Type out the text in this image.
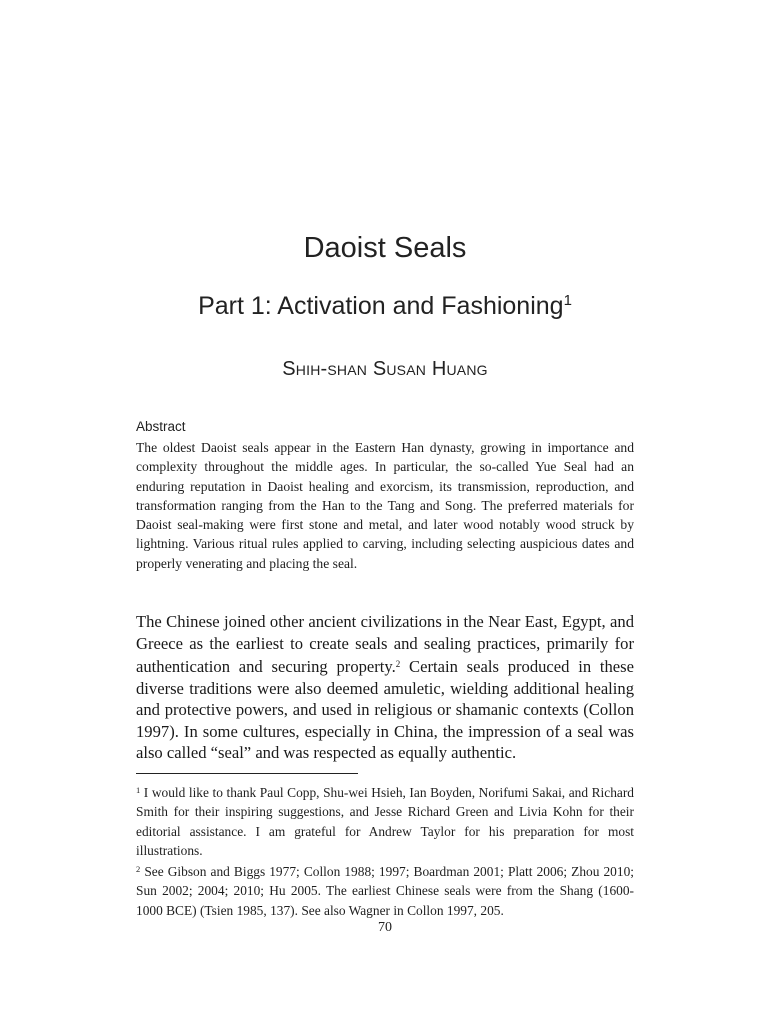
Daoist Seals
Part 1: Activation and Fashioning$^1$
Shih-shan Susan Huang
Abstract

The oldest Daoist seals appear in the Eastern Han dynasty, growing in importance and complexity throughout the middle ages. In particular, the so-called Yue Seal had an enduring reputation in Daoist healing and exorcism, its transmission, reproduction, and transformation ranging from the Han to the Tang and Song. The preferred materials for Daoist seal-making were first stone and metal, and later wood notably wood struck by lightning. Various ritual rules applied to carving, including selecting auspicious dates and properly venerating and placing the seal.

The Chinese joined other ancient civilizations in the Near East, Egypt, and Greece as the earliest to create seals and sealing practices, primarily for authentication and securing property.$^2$ Certain seals produced in these diverse traditions were also deemed amuletic, wielding additional healing and protective powers, and used in religious or shamanic contexts (Collon 1997). In some cultures, especially in China, the impression of a seal was also called “seal” and was respected as equally authentic.

$^1$ I would like to thank Paul Copp, Shu-wei Hsieh, Ian Boyden, Norifumi Sakai, and Richard Smith for their inspiring suggestions, and Jesse Richard Green and Livia Kohn for their editorial assistance. I am grateful for Andrew Taylor for his preparation for most illustrations.

$^2$ See Gibson and Biggs 1977; Collon 1988; 1997; Boardman 2001; Platt 2006; Zhou 2010; Sun 2002; 2004; 2010; Hu 2005. The earliest Chinese seals were from the Shang (1600-1000 BCE) (Tsien 1985, 137). See also Wagner in Collon 1997, 205.

70
